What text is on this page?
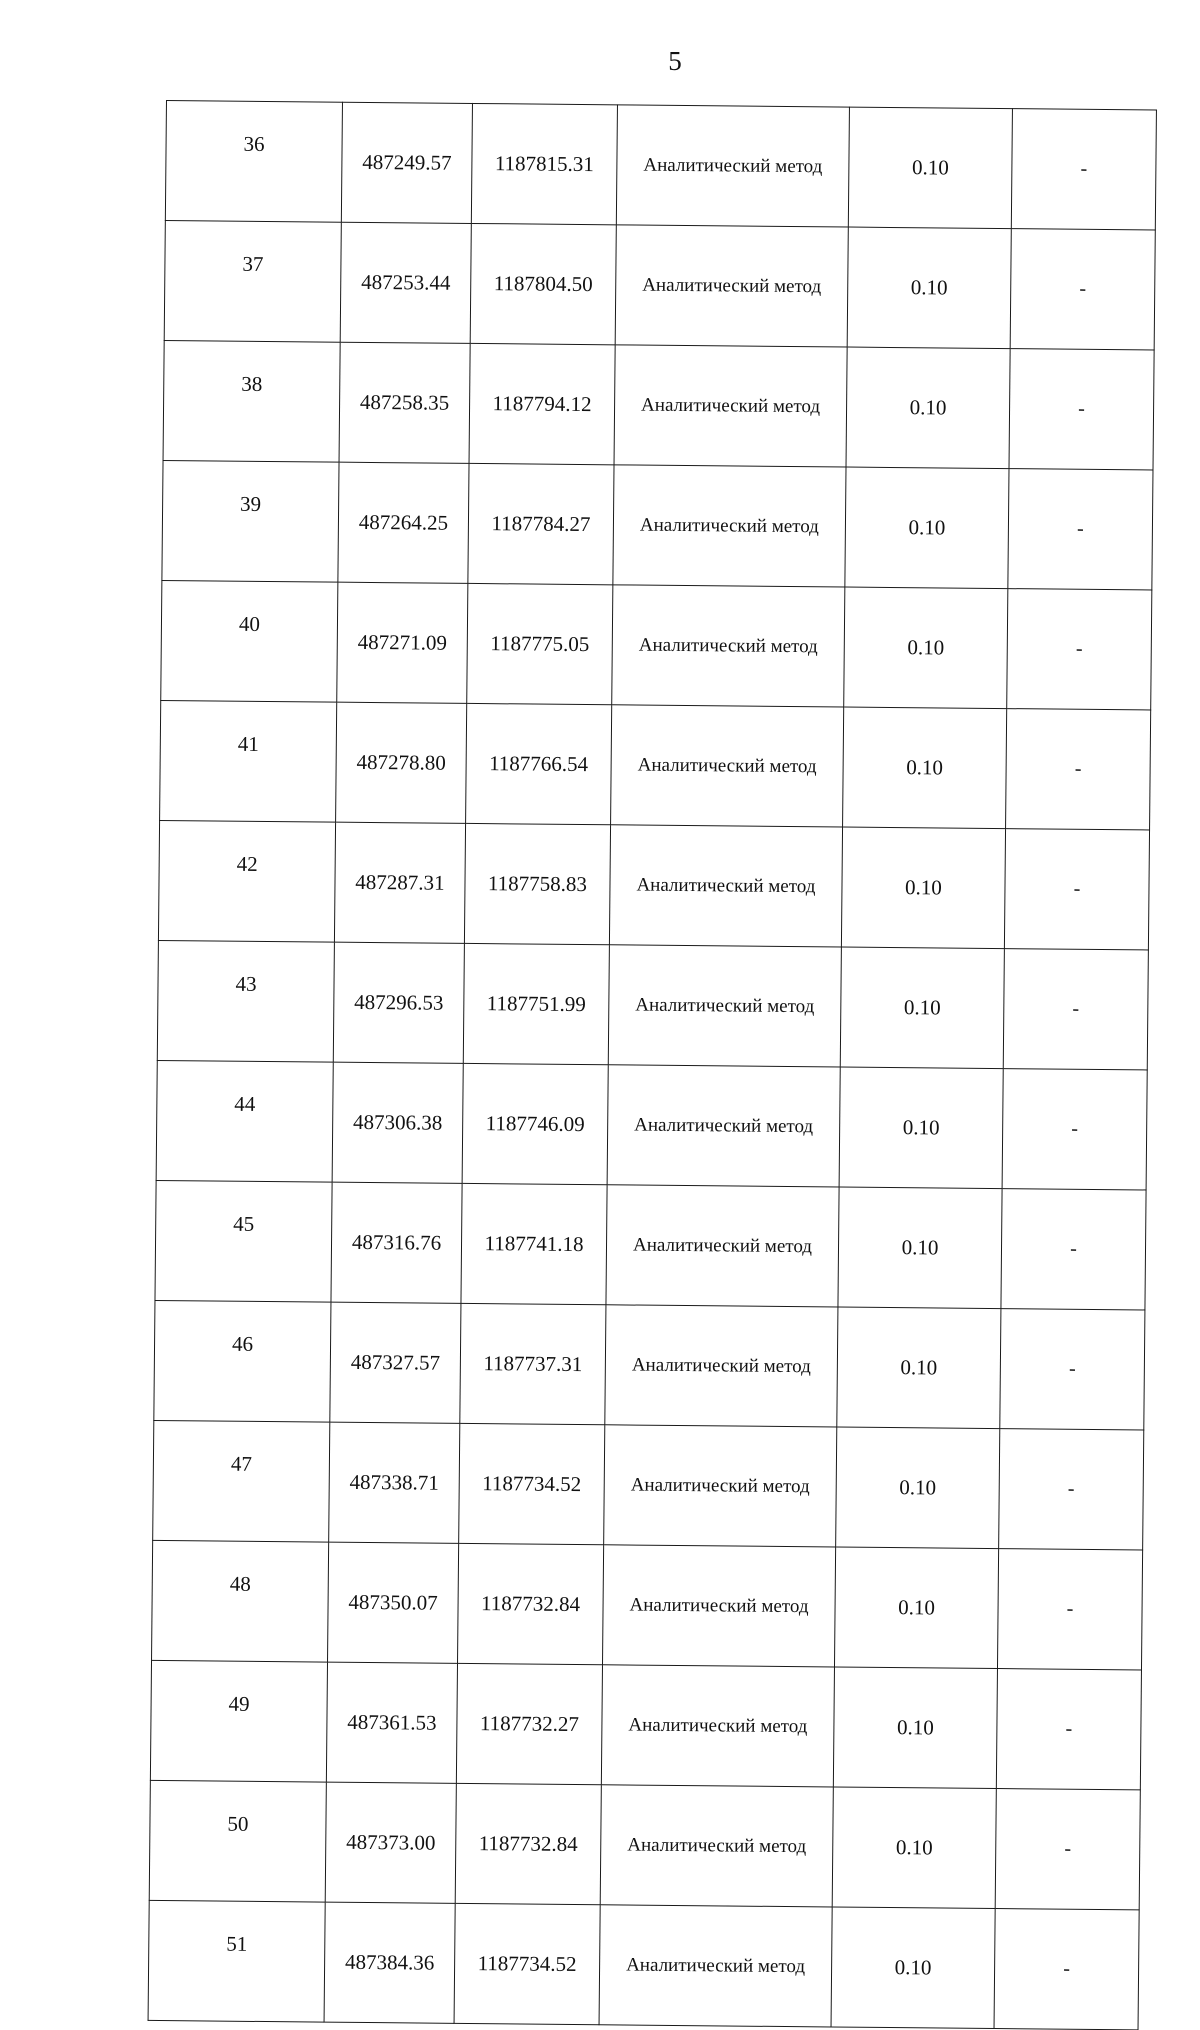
5
36	487249.57	1187815.31	Аналитический метод	0.10	-
37	487253.44	1187804.50	Аналитический метод	0.10	-
38	487258.35	1187794.12	Аналитический метод	0.10	-
39	487264.25	1187784.27	Аналитический метод	0.10	-
40	487271.09	1187775.05	Аналитический метод	0.10	-
41	487278.80	1187766.54	Аналитический метод	0.10	-
42	487287.31	1187758.83	Аналитический метод	0.10	-
43	487296.53	1187751.99	Аналитический метод	0.10	-
44	487306.38	1187746.09	Аналитический метод	0.10	-
45	487316.76	1187741.18	Аналитический метод	0.10	-
46	487327.57	1187737.31	Аналитический метод	0.10	-
47	487338.71	1187734.52	Аналитический метод	0.10	-
48	487350.07	1187732.84	Аналитический метод	0.10	-
49	487361.53	1187732.27	Аналитический метод	0.10	-
50	487373.00	1187732.84	Аналитический метод	0.10	-
51	487384.36	1187734.52	Аналитический метод	0.10	-
